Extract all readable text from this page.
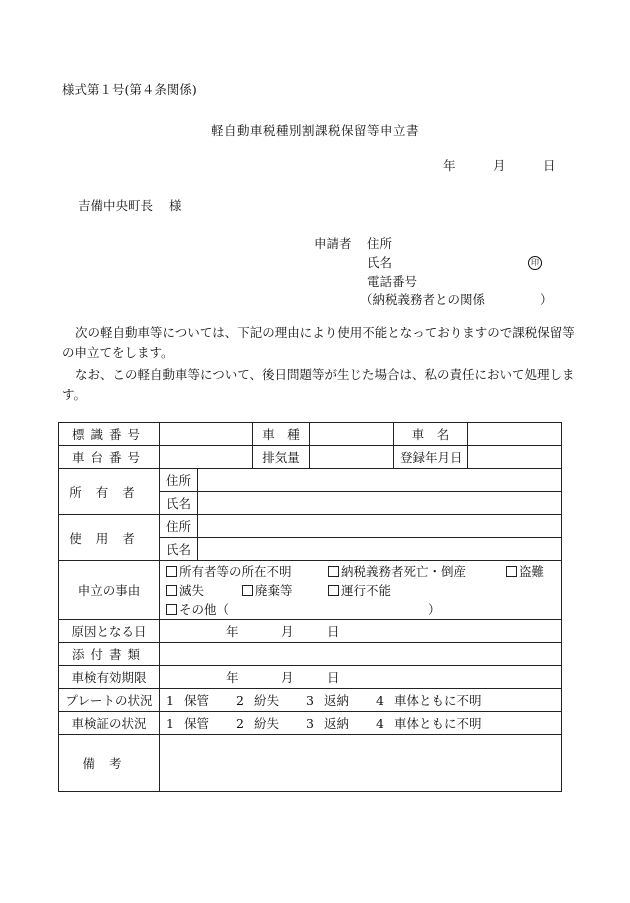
様式第１号(第４条関係)
軽自動車税種別割課税保留等申立書
年	月	日
吉備中央町長 様
申請者 住所
氏名	印
電話番号
（納税義務者との関係	）
次の軽自動車等については、下記の理由により使用不能となっておりますので課税保留等の申立てをします。
なお、この軽自動車等について、後日問題等が生じた場合は、私の責任において処理します。
標識番号			車　種		車　名	
車台番号			排気量		登録年月日	
所有者	住所					
	氏名					
使用者	住所					
	氏名					
申立の事由	所有者等の所在不明 納税義務者死亡・倒産 盗難
滅失 廃棄等 運行不能
その他（ ）					

原因となる日	年 月 日					
添付書類						
車検有効期限	年 月 日					
プレートの状況	1 保管 2 紛失 3 返納 4 車体ともに不明					
車検証の状況	1 保管 2 紛失 3 返納 4 車体ともに不明					
備考						
